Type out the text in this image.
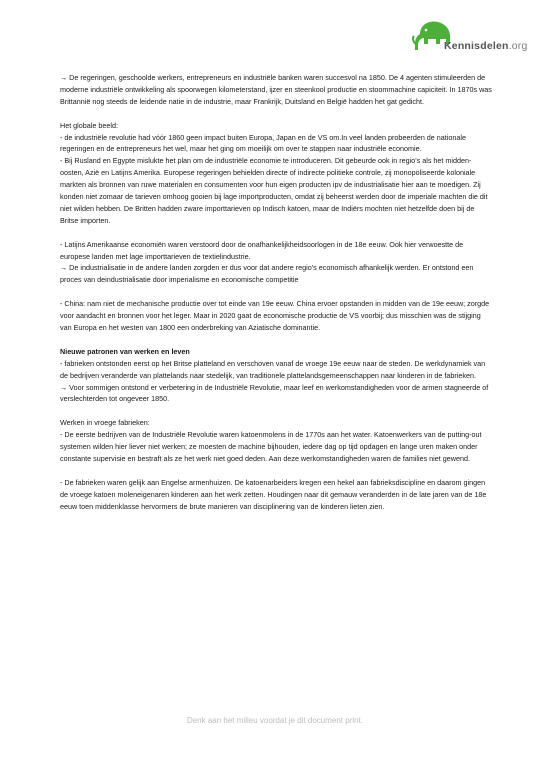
Kennisdelen.org

→ De regeringen, geschoolde werkers, entrepreneurs en industriële banken waren succesvol na 1850. De 4 agenten stimuleerden de moderne industriële ontwikkeling als spoorwegen kilometerstand, ijzer en steenkool productie en stoommachine capiciteit. In 1870s was Brittannië nog steeds de leidende natie in de industrie, maar Frankrijk, Duitsland en België hadden het gat gedicht.

Het globale beeld:

- de industriële revolutie had vóór 1860 geen impact buiten Europa, Japan en de VS om.In veel landen probeerden de nationale regeringen en de entrepreneurs het wel, maar het ging om moeilijk om over te stappen naar industriële economie.

- Bij Rusland en Egypte mislukte het plan om de industriële economie te introduceren. Dit gebeurde ook in regio’s als het midden-oosten, Azië en Latijns Amerika. Europese regeringen behielden directe of indirecte politieke controle, zij monopoliseerde koloniale markten als bronnen van ruwe materialen en consumenten voor hun eigen producten ipv de industrialisatie hier aan te moedigen. Zij konden niet zomaar de tarieven omhoog gooien bij lage importproducten, omdat zij beheerst werden door de imperiale machten die dit niet wilden hebben. De Britten hadden zware importtarieven op Indisch katoen, maar de Indiërs mochten niet hetzelfde doen bij de Britse importen.

- Latijns Amerikaanse economiën waren verstoord door de onafhankelijkheidsoorlogen in de 18e eeuw. Ook hier verwoestte de europese landen met lage importtarieven de textielindustrie.

→ De industrialisatie in de andere landen zorgden er dus voor dat andere regio’s economisch afhankelijk werden. Er ontstond een proces van deindustrialisatie door imperialisme en economische competitie

- China: nam niet de mechanische productie over tot einde van 19e eeuw. China ervoer opstanden in midden van de 19e eeuw; zorgde voor aandacht en bronnen voor het leger. Maar in 2020 gaat de economische productie de VS voorbij; dus misschien was de stijging van Europa en het westen van 1800 een onderbreking van Aziatische dominantie.

Nieuwe patronen van werken en leven

- fabrieken ontstonden eerst op het Britse platteland en verschoven vanaf de vroege 19e eeuw naar de steden. De werkdynamiek van de bedrijven veranderde van plattelands naar stedelijk, van traditionele plattelandsgemeenschappen naar kinderen in de fabrieken.

→ Voor sommigen ontstond er verbetering in de Industriële Revolutie, maar leef en werkomstandigheden voor de armen stagneerde of verslechterden tot ongeveer 1850.

Werken in vroege fabrieken:

- De eerste bedrijven van de Industriële Revolutie waren katoenmolens in de 1770s aan het water. Katoenwerkers van de putting-out systemen wilden hier liever niet werken; ze moesten de machine bijhouden, iedere dag op tijd opdagen en lange uren maken onder constante supervisie en bestraft als ze het werk niet goed deden. Aan deze werkomstandigheden waren de families niet gewend.

- De fabrieken waren gelijk aan Engelse armenhuizen. De katoenarbeiders kregen een hekel aan fabrieksdiscipline en daarom gingen de vroege katoen moleneigenaren kinderen aan het werk zetten. Houdingen naar dit gemauw veranderden in de late jaren van de 18e eeuw toen middenklasse hervormers de brute manieren van disciplinering van de kinderen lieten zien.

Denk aan het milieu voordat je dit document print.
